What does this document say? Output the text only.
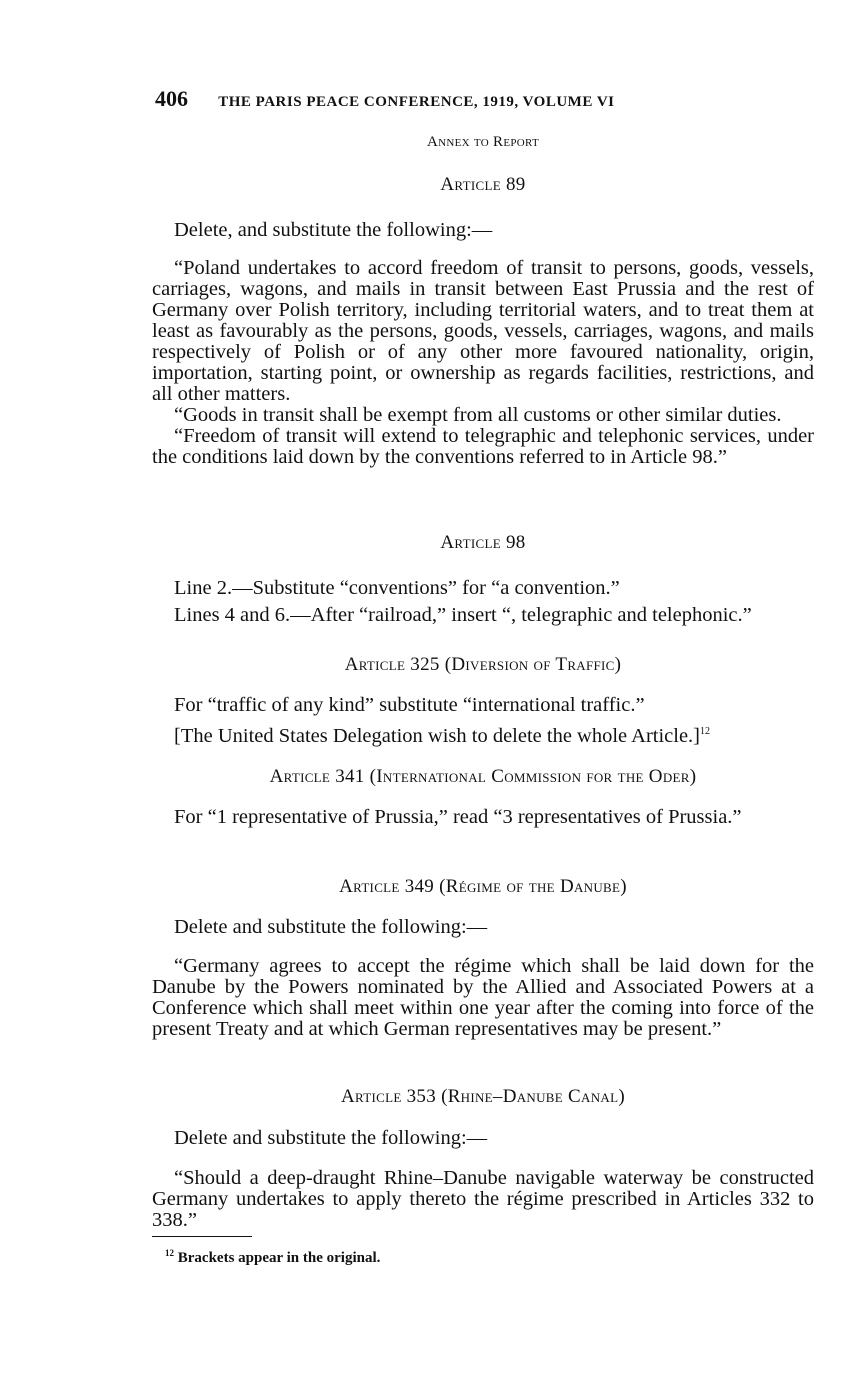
406 THE PARIS PEACE CONFERENCE, 1919, VOLUME VI
Annex to Report
Article 89
Delete, and substitute the following:—
“Poland undertakes to accord freedom of transit to persons, goods, vessels, carriages, wagons, and mails in transit between East Prussia and the rest of Germany over Polish territory, including territorial waters, and to treat them at least as favourably as the persons, goods, vessels, carriages, wagons, and mails respectively of Polish or of any other more favoured nationality, origin, importation, starting point, or ownership as regards facilities, restrictions, and all other matters.
“Goods in transit shall be exempt from all customs or other similar duties.
“Freedom of transit will extend to telegraphic and telephonic services, under the conditions laid down by the conventions referred to in Article 98.”
Article 98
Line 2.—Substitute “conventions” for “a convention.”
Lines 4 and 6.—After “railroad,” insert “, telegraphic and telephonic.”
Article 325 (Diversion of Traffic)
For “traffic of any kind” substitute “international traffic.”
[The United States Delegation wish to delete the whole Article.]$^{12}$
Article 341 (International Commission for the Oder)
For “1 representative of Prussia,” read “3 representatives of Prussia.”
Article 349 (Régime of the Danube)
Delete and substitute the following:—
“Germany agrees to accept the régime which shall be laid down for the Danube by the Powers nominated by the Allied and Associated Powers at a Conference which shall meet within one year after the coming into force of the present Treaty and at which German representatives may be present.”
Article 353 (Rhine–Danube Canal)
Delete and substitute the following:—
“Should a deep-draught Rhine–Danube navigable waterway be constructed Germany undertakes to apply thereto the régime prescribed in Articles 332 to 338.”
$^{12}$ Brackets appear in the original.
